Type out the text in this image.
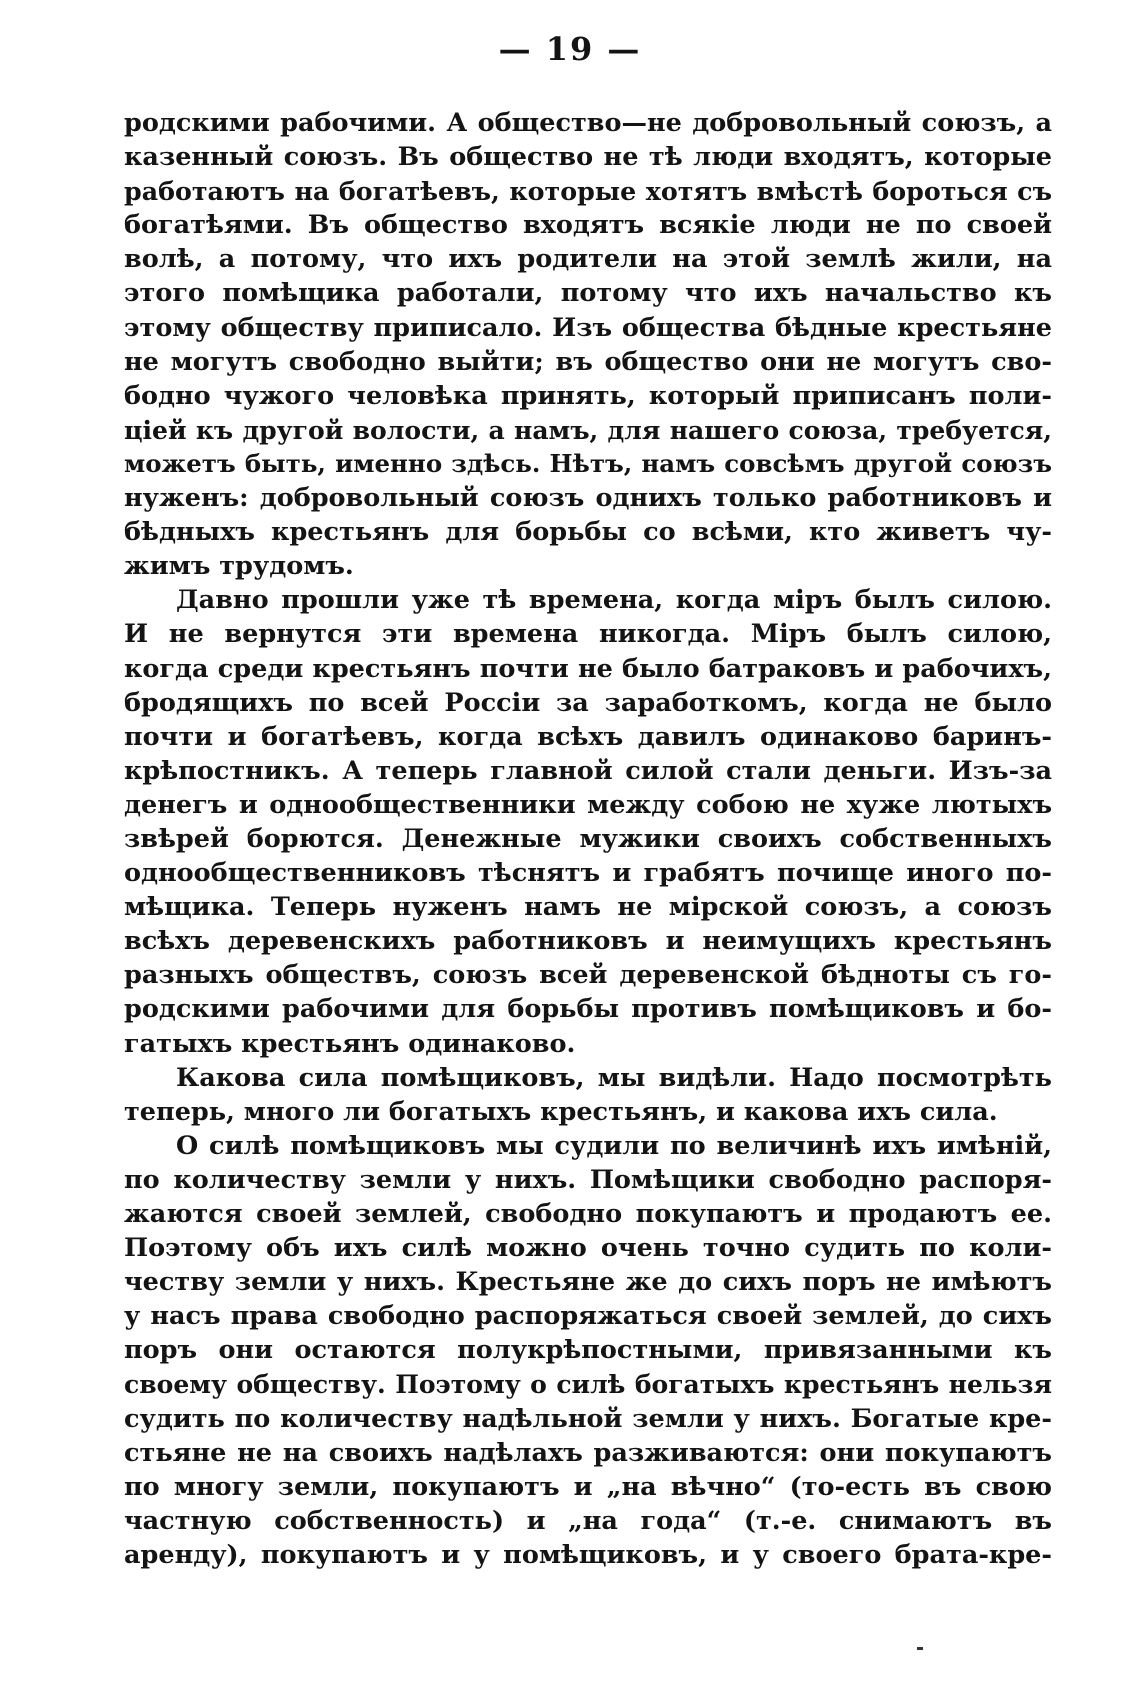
— 19 —
родскими рабочими. А общество—не добровольный союзъ, а
казенный союзъ. Въ общество не тѣ люди входятъ, которые
работаютъ на богатѣевъ, которые хотятъ вмѣстѣ бороться съ
богатѣями. Въ общество входятъ всякіе люди не по своей
волѣ, а потому, что ихъ родители на этой землѣ жили, на
этого помѣщика работали, потому что ихъ начальство къ
этому обществу приписало. Изъ общества бѣдные крестьяне
не могутъ свободно выйти; въ общество они не могутъ сво-
бодно чужого человѣка принять, который приписанъ поли-
ціей къ другой волости, а намъ, для нашего союза, требуется,
можетъ быть, именно здѣсь. Нѣтъ, намъ совсѣмъ другой союзъ
нуженъ: добровольный союзъ однихъ только работниковъ и
бѣдныхъ крестьянъ для борьбы со всѣми, кто живетъ чу-
жимъ трудомъ.
Давно прошли уже тѣ времена, когда міръ былъ силою.
И не вернутся эти времена никогда. Міръ былъ силою,
когда среди крестьянъ почти не было батраковъ и рабочихъ,
бродящихъ по всей Россіи за заработкомъ, когда не было
почти и богатѣевъ, когда всѣхъ давилъ одинаково баринъ-
крѣпостникъ. А теперь главной силой стали деньги. Изъ-за
денегъ и однообщественники между собою не хуже лютыхъ
звѣрей борются. Денежные мужики своихъ собственныхъ
однообщественниковъ тѣснятъ и грабятъ почище иного по-
мѣщика. Теперь нуженъ намъ не мірской союзъ, а союзъ
всѣхъ деревенскихъ работниковъ и неимущихъ крестьянъ
разныхъ обществъ, союзъ всей деревенской бѣдноты съ го-
родскими рабочими для борьбы противъ помѣщиковъ и бо-
гатыхъ крестьянъ одинаково.
Какова сила помѣщиковъ, мы видѣли. Надо посмотрѣть
теперь, много ли богатыхъ крестьянъ, и какова ихъ сила.
О силѣ помѣщиковъ мы судили по величинѣ ихъ имѣній,
по количеству земли у нихъ. Помѣщики свободно распоря-
жаются своей землей, свободно покупаютъ и продаютъ ее.
Поэтому объ ихъ силѣ можно очень точно судить по коли-
честву земли у нихъ. Крестьяне же до сихъ поръ не имѣютъ
у насъ права свободно распоряжаться своей землей, до сихъ
поръ они остаются полукрѣпостными, привязанными къ
своему обществу. Поэтому о силѣ богатыхъ крестьянъ нельзя
судить по количеству надѣльной земли у нихъ. Богатые кре-
стьяне не на своихъ надѣлахъ разживаются: они покупаютъ
по многу земли, покупаютъ и „на вѣчно“ (то-есть въ свою
частную собственность) и „на года“ (т.-е. снимаютъ въ
аренду), покупаютъ и у помѣщиковъ, и у своего брата-кре-
